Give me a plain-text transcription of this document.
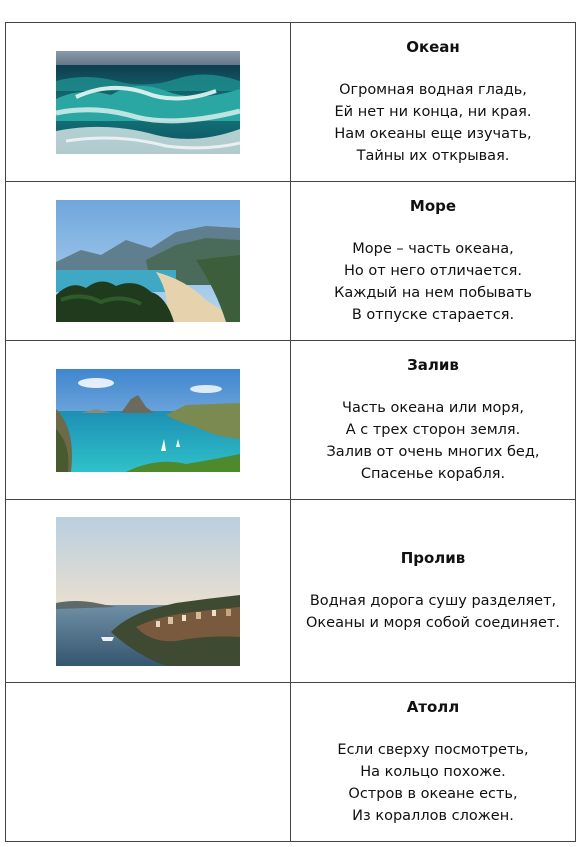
Океан
Огромная водная гладь,
Ей нет ни конца, ни края.
Нам океаны еще изучать,
Тайны их открывая.

Море
Море – часть океана,
Но от него отличается.
Каждый на нем побывать
В отпуске старается.

Залив
Часть океана или моря,
А с трех сторон земля.
Залив от очень многих бед,
Спасенье корабля.

Пролив
Водная дорога сушу разделяет,
Океаны и моря собой соединяет.

	Атолл
Если сверху посмотреть,
На кольцо похоже.
Остров в океане есть,
Из кораллов сложен.
